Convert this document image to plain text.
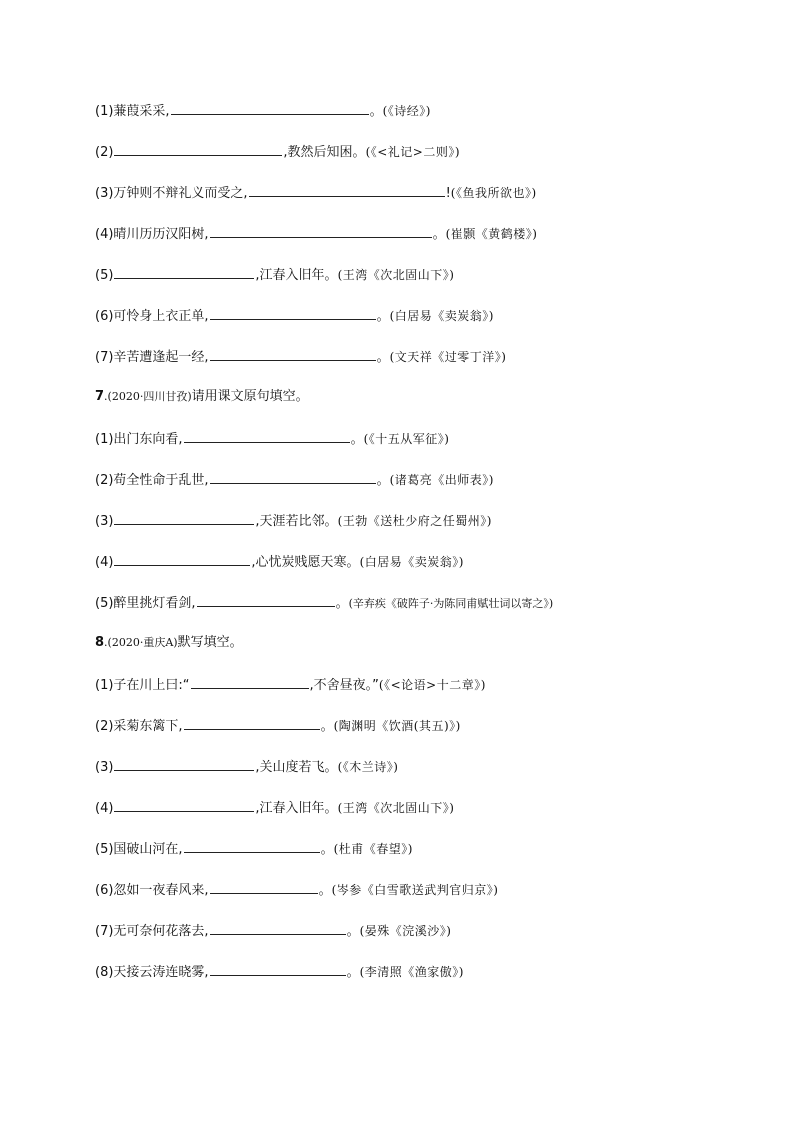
(1)蒹葭采采,	。(《诗经》)
(2)	,教然后知困。(《<礼记>二则》)
(3)万钟则不辩礼义而受之,	!(《鱼我所欲也》)
(4)晴川历历汉阳树,	。(崔颢《黄鹤楼》)
(5)	,江春入旧年。(王湾《次北固山下》)
(6)可怜身上衣正单,	。(白居易《卖炭翁》)
(7)辛苦遭逢起一经,	。(文天祥《过零丁洋》)
7.(2020·四川甘孜)请用课文原句填空。
(1)出门东向看,	。(《十五从军征》)
(2)苟全性命于乱世,	。(诸葛亮《出师表》)
(3)	,天涯若比邻。(王勃《送杜少府之任蜀州》)
(4)	,心忧炭贱愿天寒。(白居易《卖炭翁》)
(5)醉里挑灯看剑,	。(辛弃疾《破阵子·为陈同甫赋壮词以寄之》)
8.(2020·重庆A)默写填空。
(1)子在川上曰:“	,不舍昼夜。”(《<论语>十二章》)
(2)采菊东篱下,	。(陶渊明《饮酒(其五)》)
(3)	,关山度若飞。(《木兰诗》)
(4)	,江春入旧年。(王湾《次北固山下》)
(5)国破山河在,	。(杜甫《春望》)
(6)忽如一夜春风来,	。(岑参《白雪歌送武判官归京》)
(7)无可奈何花落去,	。(晏殊《浣溪沙》)
(8)天接云涛连晓雾,	。(李清照《渔家傲》)
